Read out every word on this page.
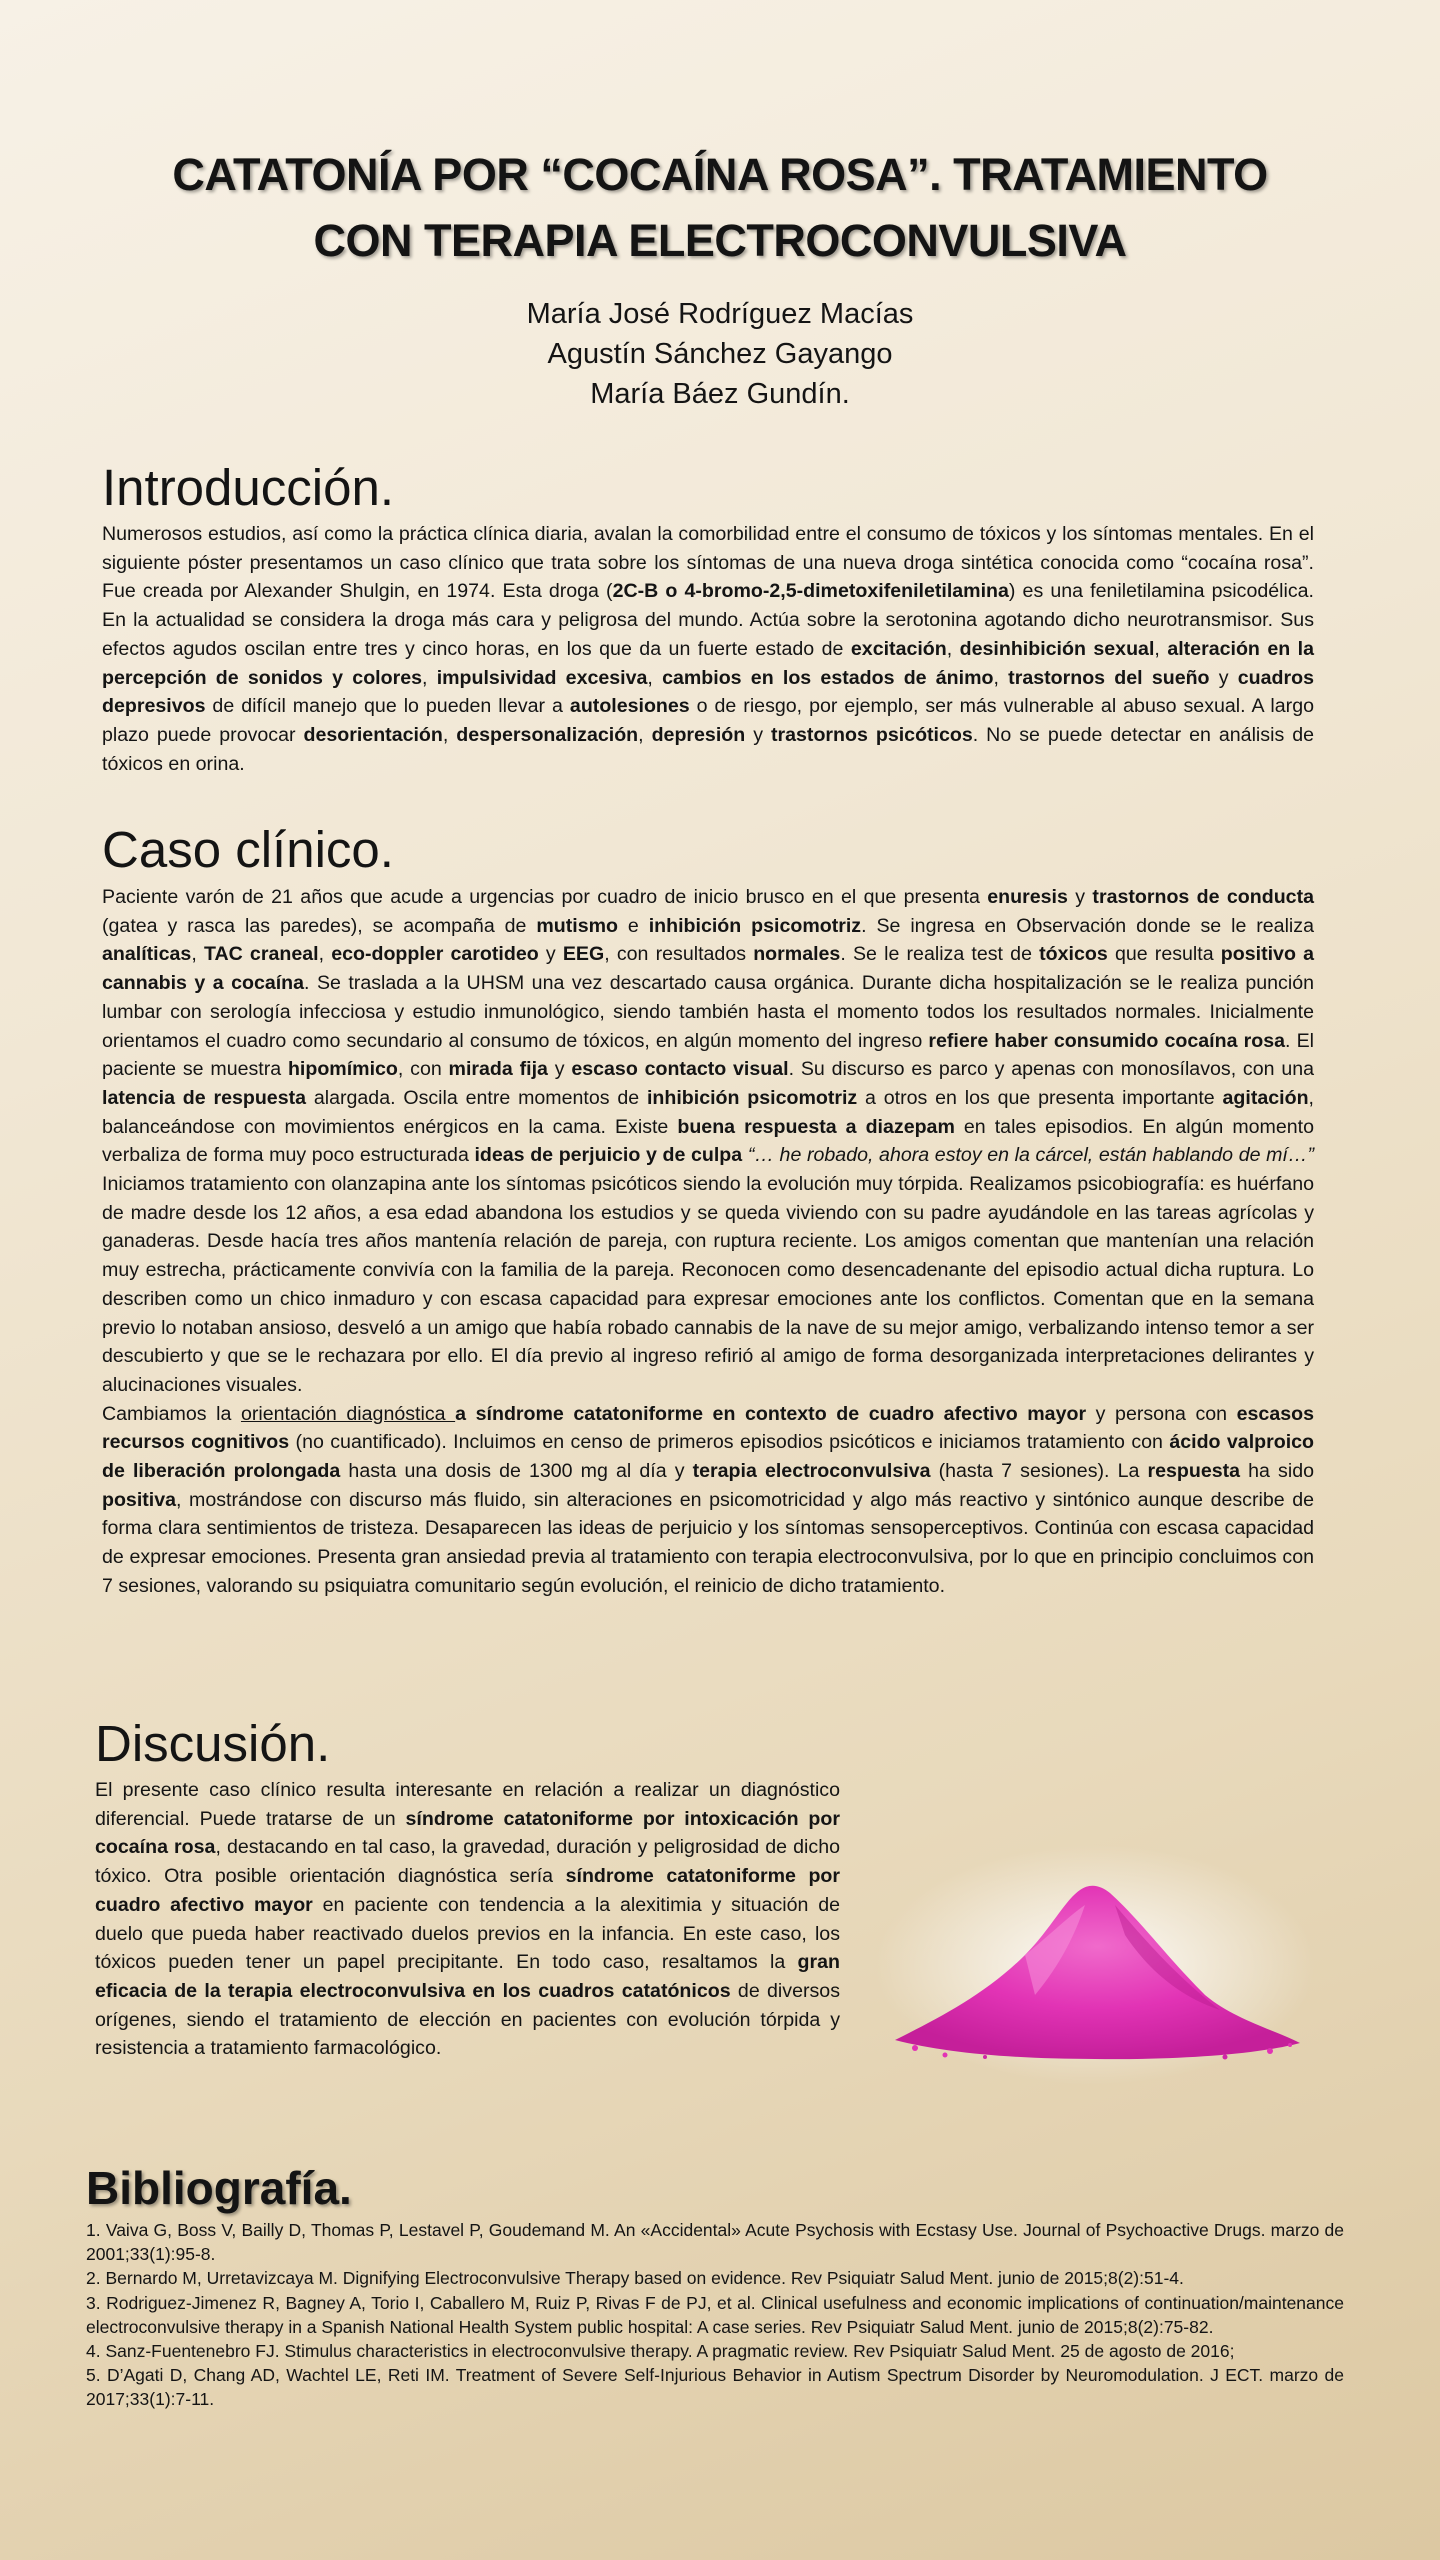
CATATONÍA POR “COCAÍNA ROSA”. TRATAMIENTO
CON TERAPIA ELECTROCONVULSIVA
María José Rodríguez Macías
Agustín Sánchez Gayango
María Báez Gundín.
Introducción.

Numerosos estudios, así como la práctica clínica diaria, avalan la comorbilidad entre el consumo de tóxicos y los síntomas mentales. En el siguiente póster presentamos un caso clínico que trata sobre los síntomas de una nueva droga sintética conocida como “cocaína rosa”. Fue creada por Alexander Shulgin, en 1974. Esta droga (2C-B o 4-bromo-2,5-dimetoxifeniletilamina) es una feniletilamina psicodélica. En la actualidad se considera la droga más cara y peligrosa del mundo. Actúa sobre la serotonina agotando dicho neurotransmisor. Sus efectos agudos oscilan entre tres y cinco horas, en los que da un fuerte estado de excitación, desinhibición sexual, alteración en la percepción de sonidos y colores, impulsividad excesiva, cambios en los estados de ánimo, trastornos del sueño y cuadros depresivos de difícil manejo que lo pueden llevar a autolesiones o de riesgo, por ejemplo, ser más vulnerable al abuso sexual. A largo plazo puede provocar desorientación, despersonalización, depresión y trastornos psicóticos. No se puede detectar en análisis de tóxicos en orina.

Caso clínico.

Paciente varón de 21 años que acude a urgencias por cuadro de inicio brusco en el que presenta enuresis y trastornos de conducta (gatea y rasca las paredes), se acompaña de mutismo e inhibición psicomotriz. Se ingresa en Observación donde se le realiza analíticas, TAC craneal, eco-doppler carotideo y EEG, con resultados normales. Se le realiza test de tóxicos que resulta positivo a cannabis y a cocaína. Se traslada a la UHSM una vez descartado causa orgánica. Durante dicha hospitalización se le realiza punción lumbar con serología infecciosa y estudio inmunológico, siendo también hasta el momento todos los resultados normales. Inicialmente orientamos el cuadro como secundario al consumo de tóxicos, en algún momento del ingreso refiere haber consumido cocaína rosa. El paciente se muestra hipomímico, con mirada fija y escaso contacto visual. Su discurso es parco y apenas con monosílavos, con una latencia de respuesta alargada. Oscila entre momentos de inhibición psicomotriz a otros en los que presenta importante agitación, balanceándose con movimientos enérgicos en la cama. Existe buena respuesta a diazepam en tales episodios. En algún momento verbaliza de forma muy poco estructurada ideas de perjuicio y de culpa “… he robado, ahora estoy en la cárcel, están hablando de mí…” Iniciamos tratamiento con olanzapina ante los síntomas psicóticos siendo la evolución muy tórpida. Realizamos psicobiografía: es huérfano de madre desde los 12 años, a esa edad abandona los estudios y se queda viviendo con su padre ayudándole en las tareas agrícolas y ganaderas. Desde hacía tres años mantenía relación de pareja, con ruptura reciente. Los amigos comentan que mantenían una relación muy estrecha, prácticamente convivía con la familia de la pareja. Reconocen como desencadenante del episodio actual dicha ruptura. Lo describen como un chico inmaduro y con escasa capacidad para expresar emociones ante los conflictos. Comentan que en la semana previo lo notaban ansioso, desveló a un amigo que había robado cannabis de la nave de su mejor amigo, verbalizando intenso temor a ser descubierto y que se le rechazara por ello. El día previo al ingreso refirió al amigo de forma desorganizada interpretaciones delirantes y alucinaciones visuales.

Cambiamos la orientación diagnóstica a síndrome catatoniforme en contexto de cuadro afectivo mayor y persona con escasos recursos cognitivos (no cuantificado). Incluimos en censo de primeros episodios psicóticos e iniciamos tratamiento con ácido valproico de liberación prolongada hasta una dosis de 1300 mg al día y terapia electroconvulsiva (hasta 7 sesiones). La respuesta ha sido positiva, mostrándose con discurso más fluido, sin alteraciones en psicomotricidad y algo más reactivo y sintónico aunque describe de forma clara sentimientos de tristeza. Desaparecen las ideas de perjuicio y los síntomas sensoperceptivos. Continúa con escasa capacidad de expresar emociones. Presenta gran ansiedad previa al tratamiento con terapia electroconvulsiva, por lo que en principio concluimos con 7 sesiones, valorando su psiquiatra comunitario según evolución, el reinicio de dicho tratamiento.

Discusión.

El presente caso clínico resulta interesante en relación a realizar un diagnóstico diferencial. Puede tratarse de un síndrome catatoniforme por intoxicación por cocaína rosa, destacando en tal caso, la gravedad, duración y peligrosidad de dicho tóxico. Otra posible orientación diagnóstica sería síndrome catatoniforme por cuadro afectivo mayor en paciente con tendencia a la alexitimia y situación de duelo que pueda haber reactivado duelos previos en la infancia. En este caso, los tóxicos pueden tener un papel precipitante. En todo caso, resaltamos la gran eficacia de la terapia electroconvulsiva en los cuadros catatónicos de diversos orígenes, siendo el tratamiento de elección en pacientes con evolución tórpida y resistencia a tratamiento farmacológico.

Bibliografía.

1. Vaiva G, Boss V, Bailly D, Thomas P, Lestavel P, Goudemand M. An «Accidental» Acute Psychosis with Ecstasy Use. Journal of Psychoactive Drugs. marzo de 2001;33(1):95-8.

2. Bernardo M, Urretavizcaya M. Dignifying Electroconvulsive Therapy based on evidence. Rev Psiquiatr Salud Ment. junio de 2015;8(2):51-4.

3. Rodriguez-Jimenez R, Bagney A, Torio I, Caballero M, Ruiz P, Rivas F de PJ, et al. Clinical usefulness and economic implications of continuation/maintenance electroconvulsive therapy in a Spanish National Health System public hospital: A case series. Rev Psiquiatr Salud Ment. junio de 2015;8(2):75-82.

4. Sanz-Fuentenebro FJ. Stimulus characteristics in electroconvulsive therapy. A pragmatic review. Rev Psiquiatr Salud Ment. 25 de agosto de 2016;

5. D’Agati D, Chang AD, Wachtel LE, Reti IM. Treatment of Severe Self-Injurious Behavior in Autism Spectrum Disorder by Neuromodulation. J ECT. marzo de 2017;33(1):7-11.
